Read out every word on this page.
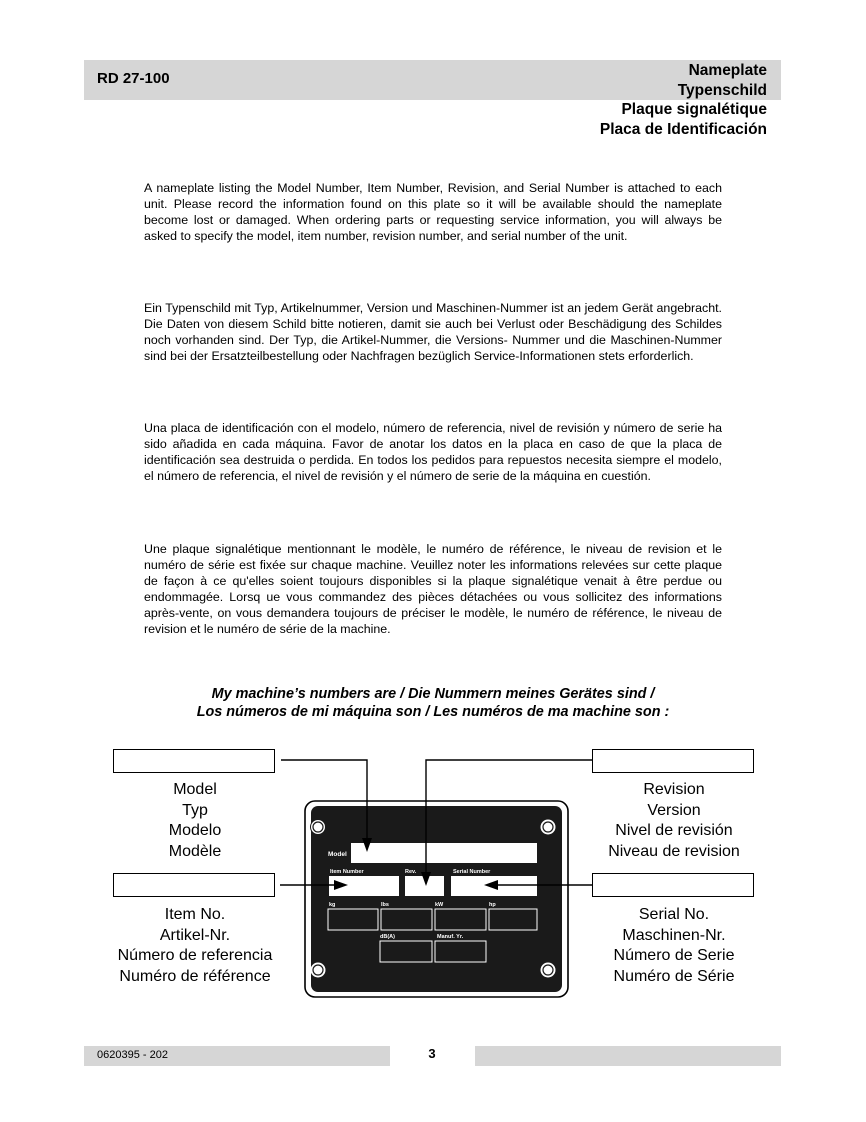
RD 27-100	Nameplate
Typenschild
Plaque signalétique
Placa de Identificación

A nameplate listing the Model Number, Item Number, Revision, and Serial Number is attached to each unit. Please record the information found on this plate so it will be available should the nameplate become lost or damaged. When ordering parts or requesting service information, you will always be asked to specify the model, item number, revision number, and serial number of the unit.

Ein Typenschild mit Typ, Artikelnummer, Version und Maschinen-Nummer ist an jedem Gerät angebracht. Die Daten von diesem Schild bitte notieren, damit sie auch bei Verlust oder Beschädigung des Schildes noch vorhanden sind. Der Typ, die Artikel-Nummer, die Versions- Nummer und die Maschinen-Nummer sind bei der Ersatzteilbestellung oder Nachfragen bezüglich Service-Informationen stets erforderlich.

Una placa de identificación con el modelo, número de referencia, nivel de revisión y número de serie ha sido añadida en cada máquina. Favor de anotar los datos en la placa en caso de que la placa de identificación sea destruida o perdida. En todos los pedidos para repuestos necesita siempre el modelo, el número de referencia, el nivel de revisión y el número de serie de la máquina en cuestión.

Une plaque signalétique mentionnant le modèle, le numéro de référence, le niveau de revision et le numéro de série est fixée sur chaque machine. Veuillez noter les informations relevées sur cette plaque de façon à ce qu'elles soient toujours disponibles si la plaque signalétique venait à être perdue ou endommagée. Lorsq ue vous commandez des pièces détachées ou vous sollicitez des informations après-vente, on vous demandera toujours de préciser le modèle, le numéro de référence, le niveau de revision et le numéro de série de la machine.

My machine’s numbers are / Die Nummern meines Gerätes sind /
Los números de mi máquina son / Les numéros de ma machine son :
Model
Item Number	Rev.	Serial Number
kg	lbs	kW	hp
dB(A)	Manuf. Yr.
Model
Typ
Modelo
Modèle
Revision
Version
Nivel de revisión
Niveau de revision
Item No.
Artikel-Nr.
Número de referencia
Numéro de référence
Serial No.
Maschinen-Nr.
Número de Serie
Numéro de Série
0620395 - 202	3
